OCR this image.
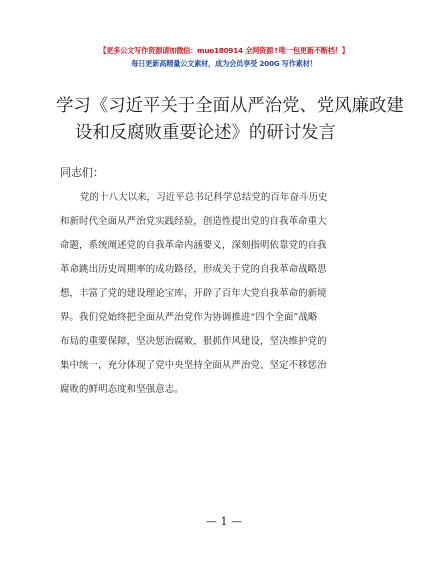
【更多公文写作资源请加微信：muo180914 全网资源↑唯一包更新不断档！】
每日更新高精量公文素材，成为会员享受 200G 写作素材！
学习《习近平关于全面从严治党、党风廉政建
设和反腐败重要论述》的研讨发言
同志们：
党的十八大以来，习近平总书记科学总结党的百年奋斗历史
和新时代全面从严治党实践经验，创造性提出党的自我革命重大
命题，系统阐述党的自我革命内涵要义，深刻指明依靠党的自我
革命跳出历史周期率的成功路径，形成关于党的自我革命战略思
想，丰富了党的建设理论宝库，开辟了百年大党自我革命的新境
界。我们党始终把全面从严治党作为协调推进“四个全面”战略
布局的重要保障，坚决惩治腐败，狠抓作风建设，坚决维护党的
集中统一，充分体现了党中央坚持全面从严治党、坚定不移惩治
腐败的鲜明态度和坚强意志。
— 1 —
